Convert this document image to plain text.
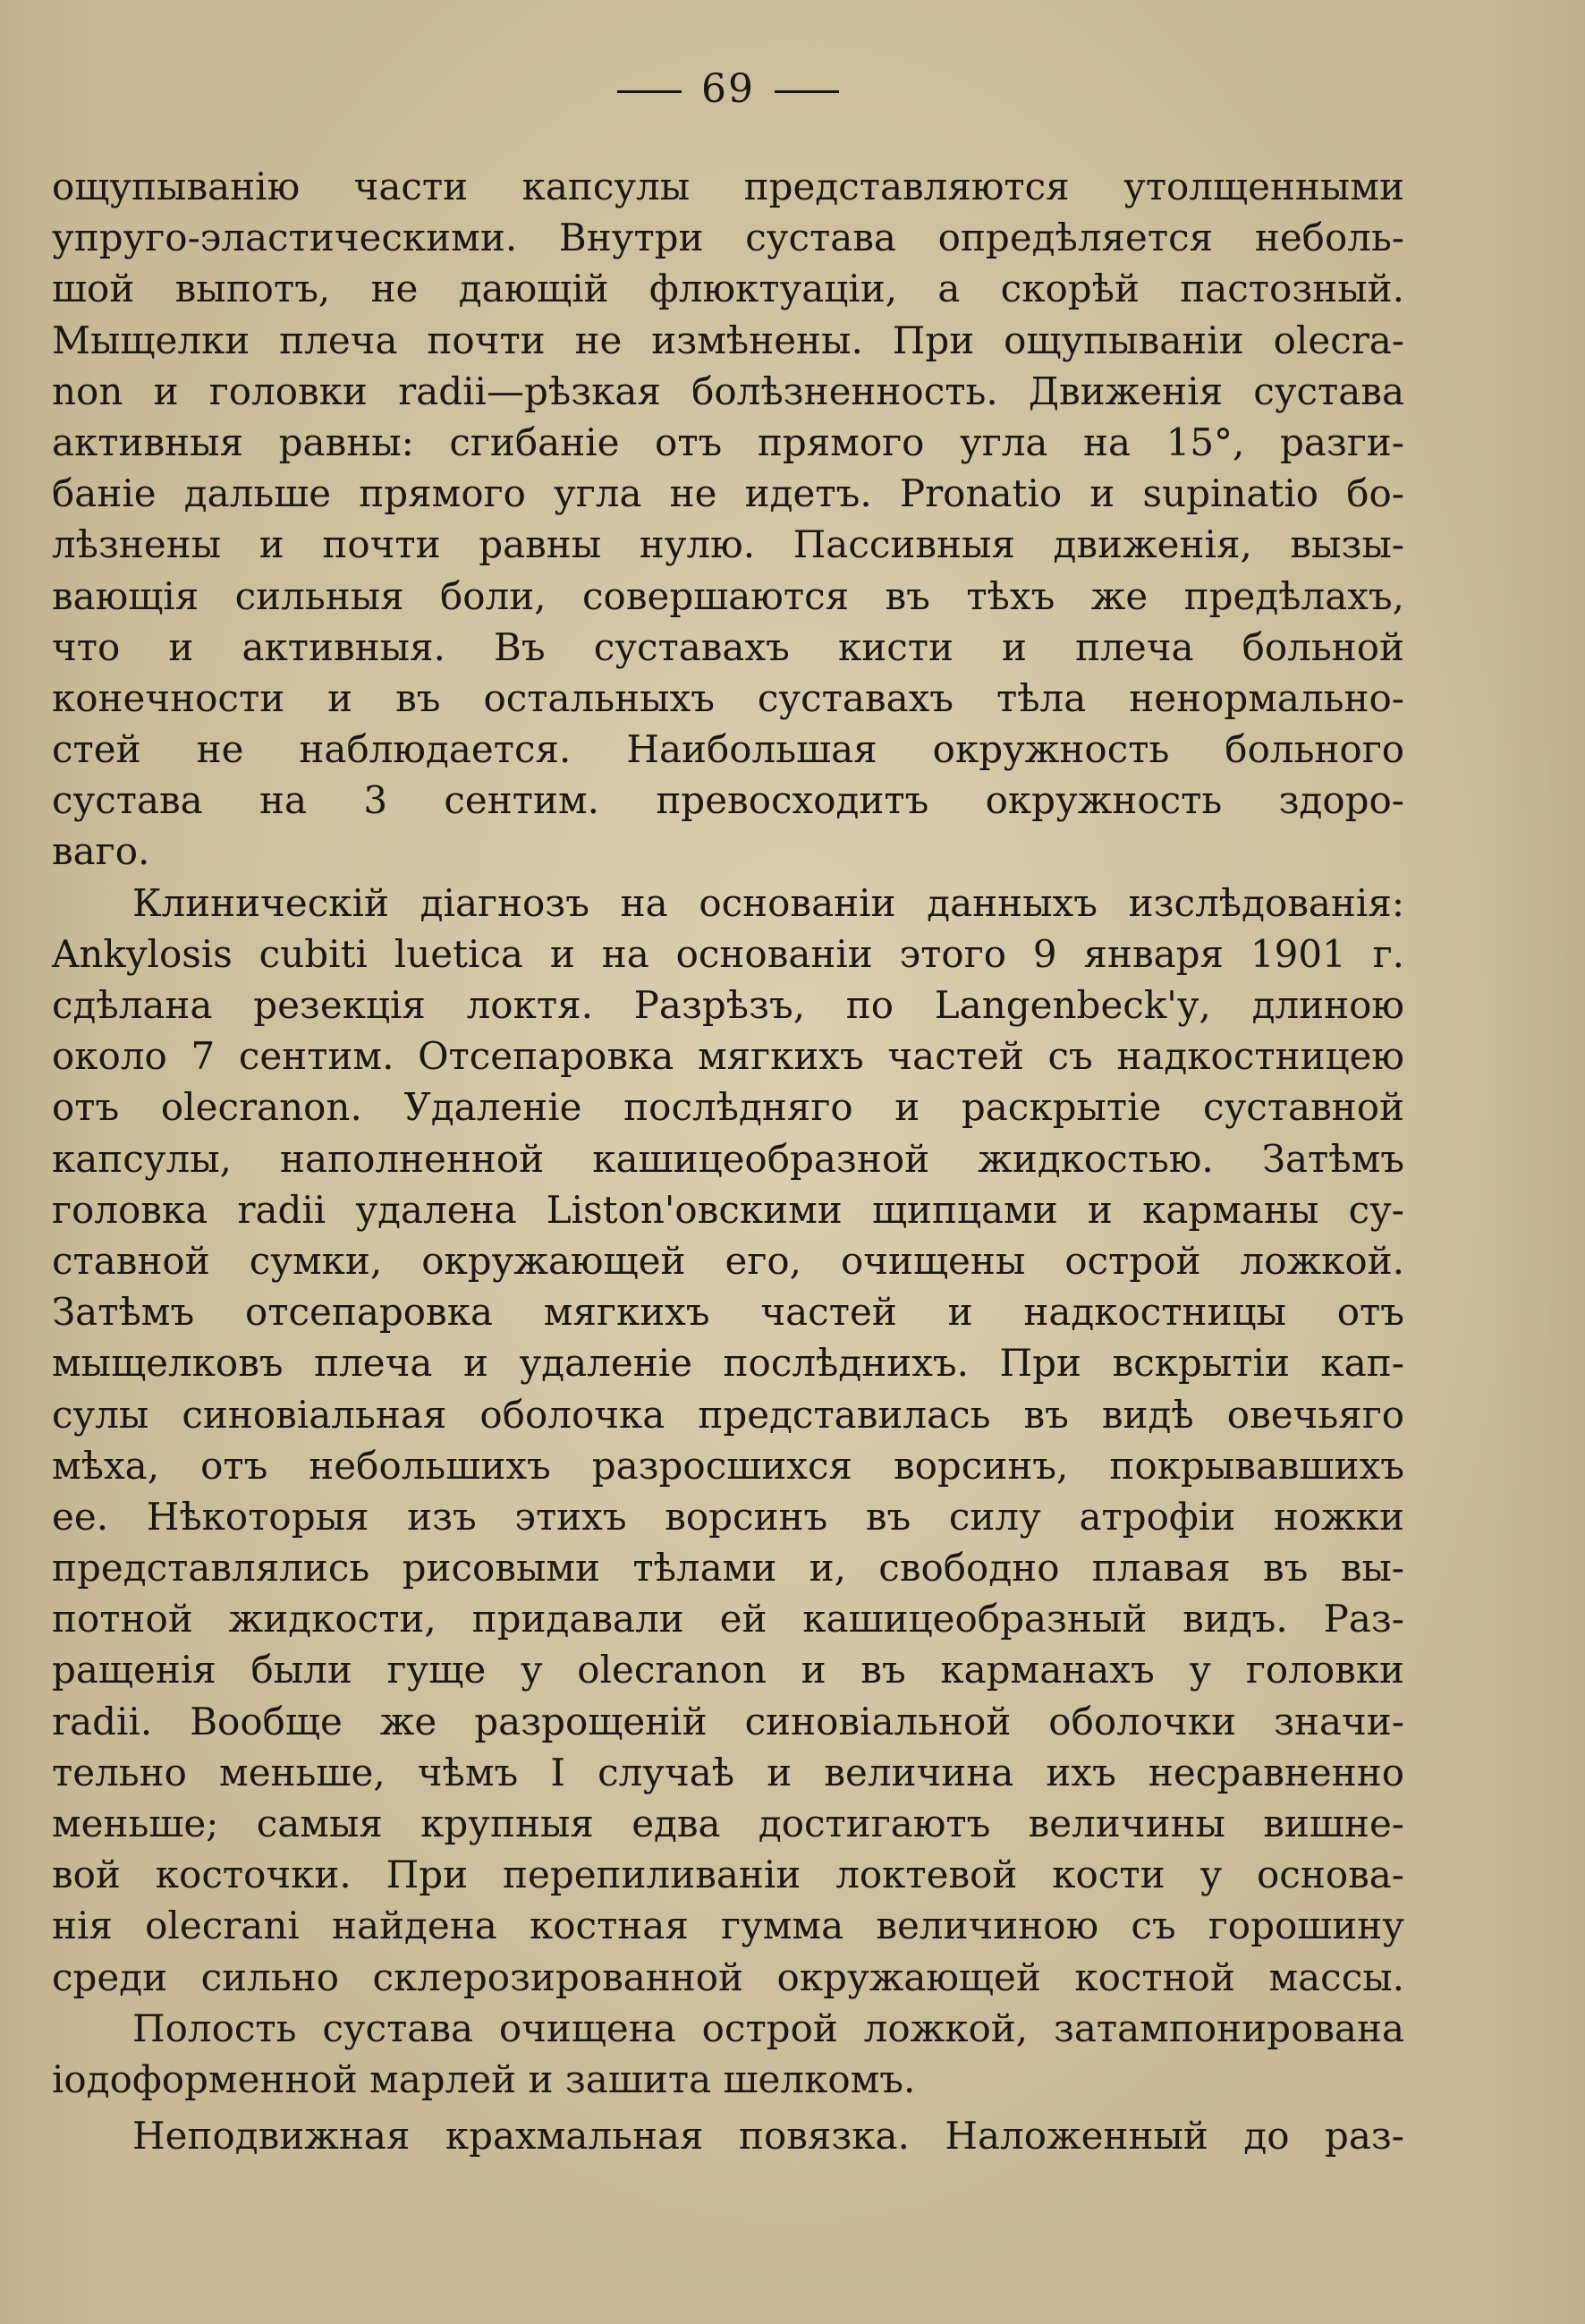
69
ощупыванію части капсулы представляются утолщенными
упруго-эластическими. Внутри сустава опредѣляется неболь-
шой выпотъ, не дающій флюктуаціи, а скорѣй пастозный.
Мыщелки плеча почти не измѣнены. При ощупываніи olecra-
non и головки radii—рѣзкая болѣзненность. Движенія сустава
активныя равны: сгибаніе отъ прямого угла на 15°, разги-
баніе дальше прямого угла не идетъ. Pronatio и supinatio бо-
лѣзнены и почти равны нулю. Пассивныя движенія, вызы-
вающія сильныя боли, совершаются въ тѣхъ же предѣлахъ,
что и активныя. Въ суставахъ кисти и плеча больной
конечности и въ остальныхъ суставахъ тѣла ненормально-
стей не наблюдается. Наибольшая окружность больного
сустава на 3 сентим. превосходитъ окружность здоро-
ваго.
Клиническій діагнозъ на основаніи данныхъ изслѣдованія:
Ankylosis cubiti luetica и на основаніи этого 9 января 1901 г.
сдѣлана резекція локтя. Разрѣзъ, по Langenbeck'у, длиною
около 7 сентим. Отсепаровка мягкихъ частей съ надкостницею
отъ olecranon. Удаленіе послѣдняго и раскрытіе суставной
капсулы, наполненной кашицеобразной жидкостью. Затѣмъ
головка radii удалена Liston'овскими щипцами и карманы су-
ставной сумки, окружающей его, очищены острой ложкой.
Затѣмъ отсепаровка мягкихъ частей и надкостницы отъ
мыщелковъ плеча и удаленіе послѣднихъ. При вскрытіи кап-
сулы синовіальная оболочка представилась въ видѣ овечьяго
мѣха, отъ небольшихъ разросшихся ворсинъ, покрывавшихъ
ее. Нѣкоторыя изъ этихъ ворсинъ въ силу атрофіи ножки
представлялись рисовыми тѣлами и, свободно плавая въ вы-
потной жидкости, придавали ей кашицеобразный видъ. Раз-
ращенія были гуще у olecranon и въ карманахъ у головки
radii. Вообще же разрощеній синовіальной оболочки значи-
тельно меньше, чѣмъ I случаѣ и величина ихъ несравненно
меньше; самыя крупныя едва достигаютъ величины вишне-
вой косточки. При перепиливаніи локтевой кости у основа-
нія olecrani найдена костная гумма величиною съ горошину
среди сильно склерозированной окружающей костной массы.
Полость сустава очищена острой ложкой, затампонирована
іодоформенной марлей и зашита шелкомъ.
Неподвижная крахмальная повязка. Наложенный до раз-
